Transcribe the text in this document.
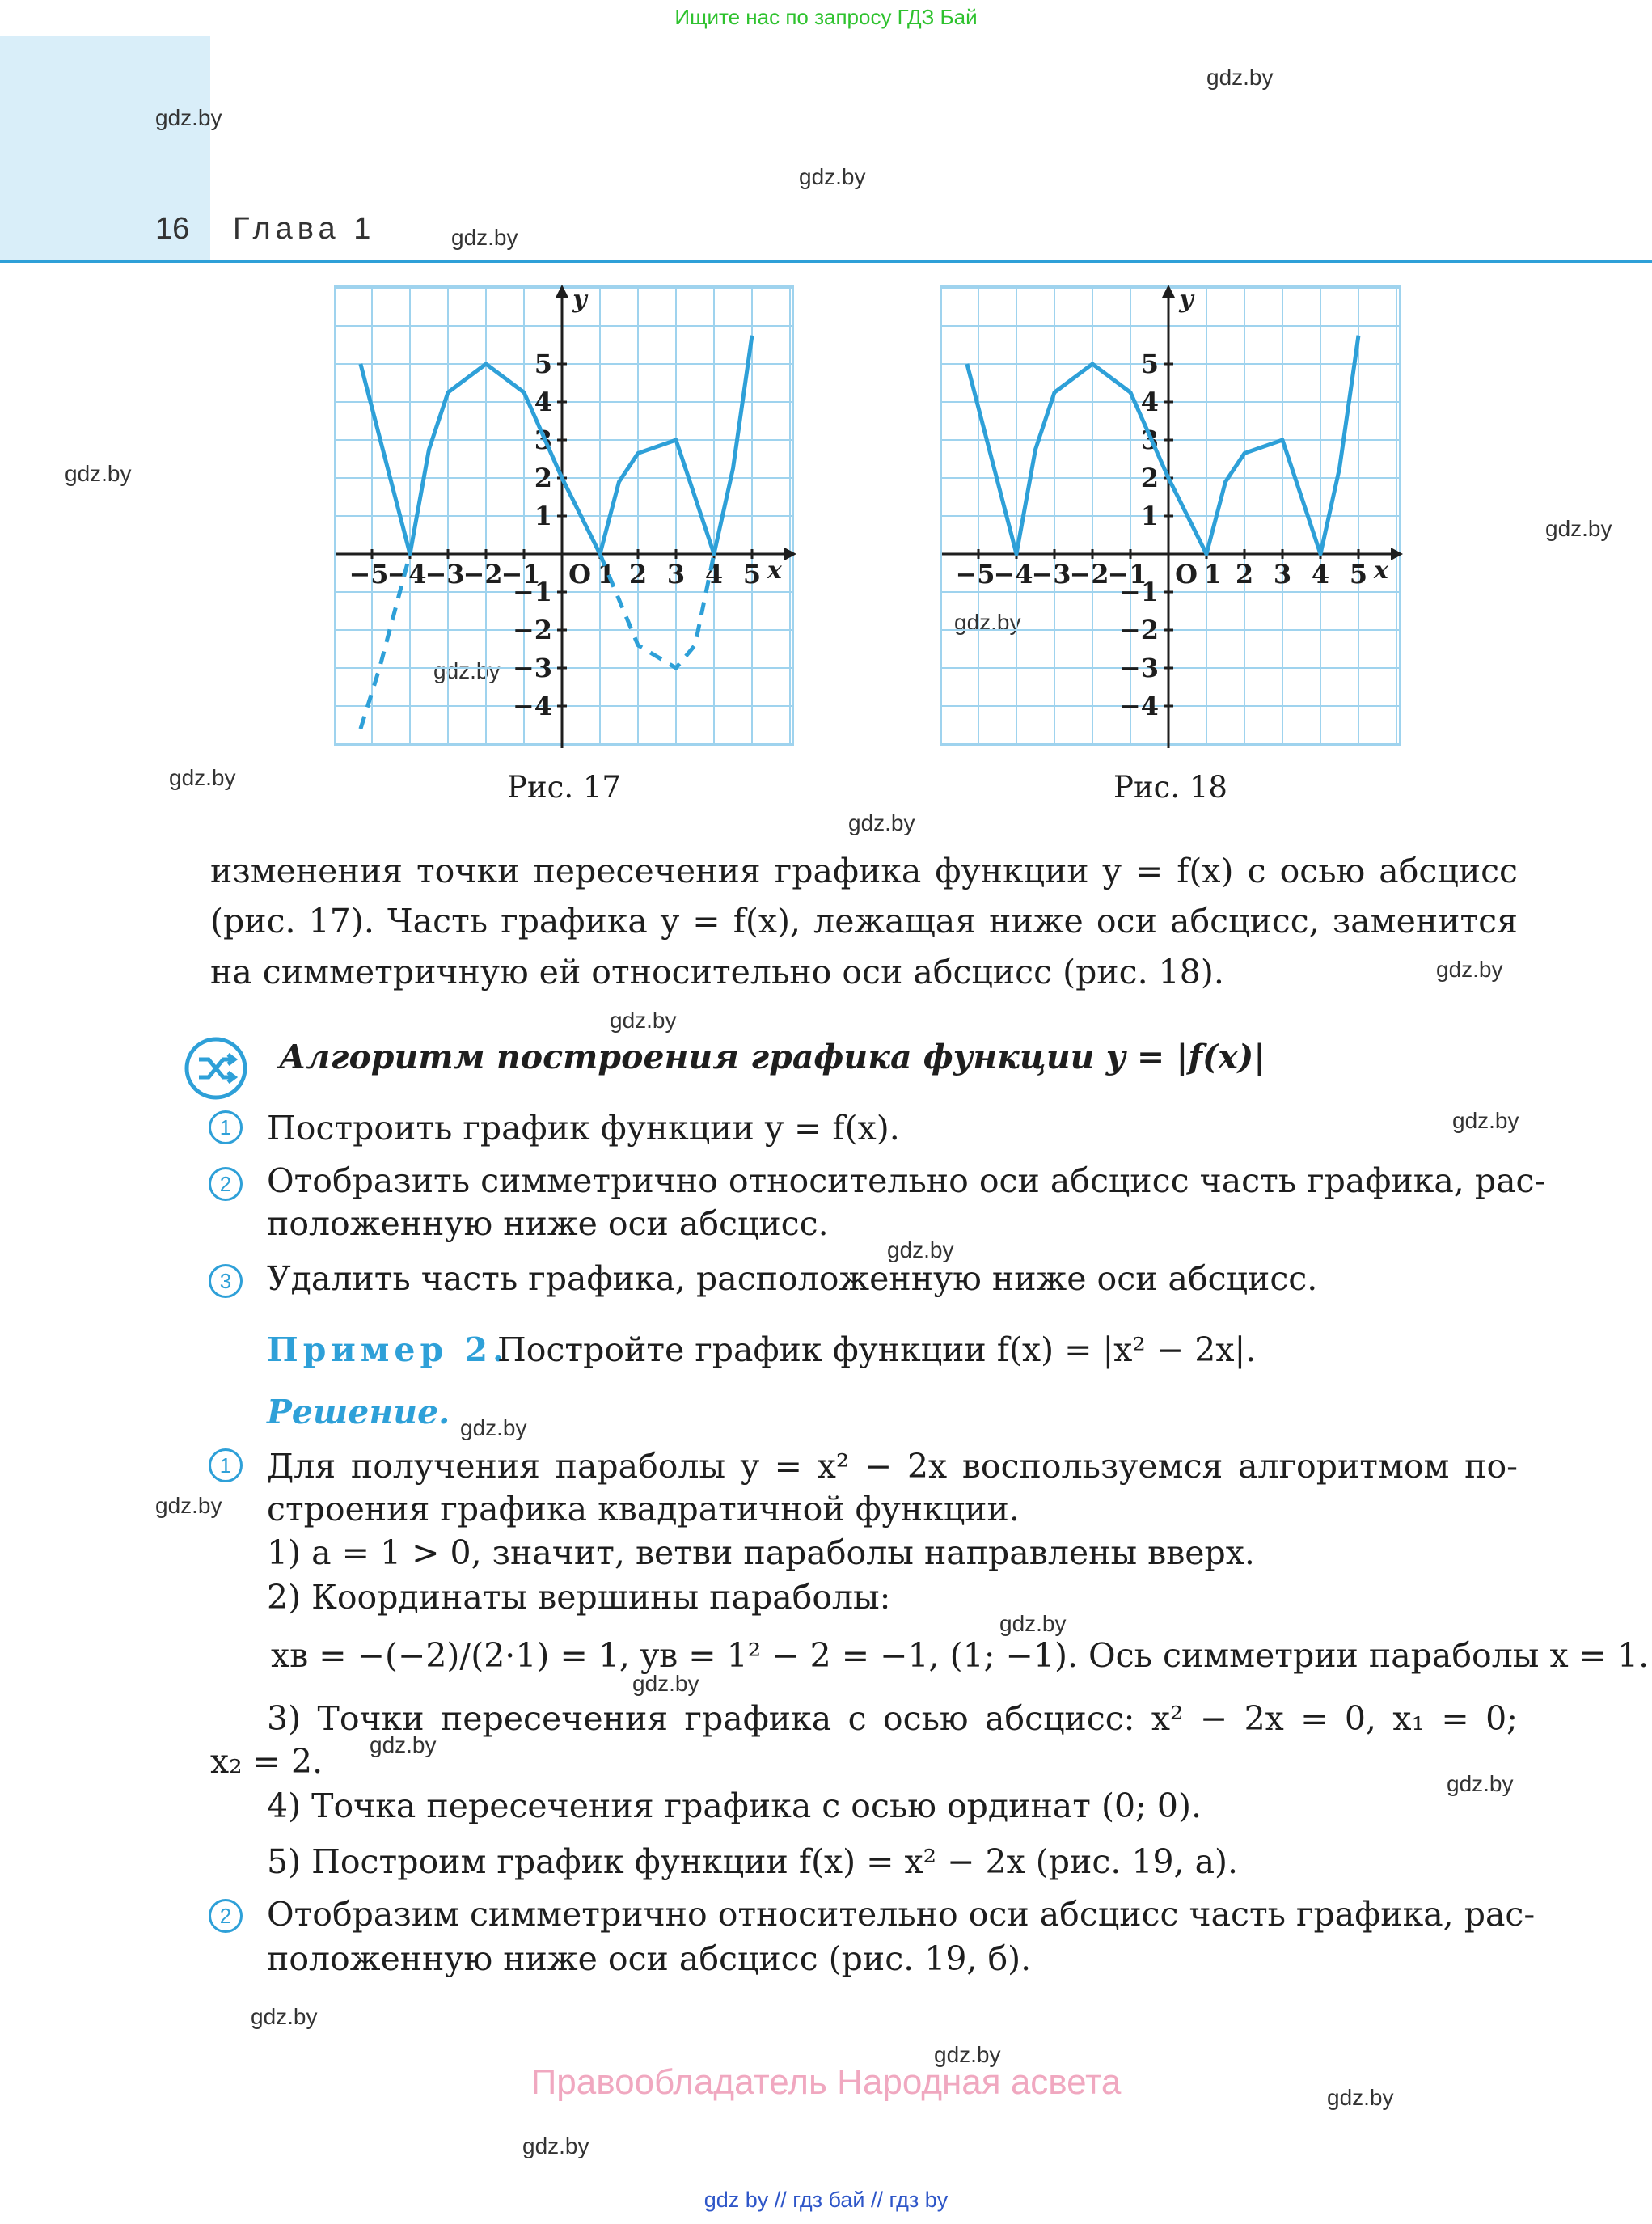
Ищите нас по запросу ГДЗ Бай
16 Глава 1
gdz.by
gdz.by
gdz.by
gdz.by
gdz.by
gdz.by
gdz.by
gdz.by
gdz.by
gdz.by
gdz.by
gdz.by
gdz.by
gdz.by
gdz.by
gdz.by
gdz.by
gdz.by
gdz.by
gdz.by
gdz.by
gdz.by
gdz.by
gdz.by
−5
−4
−3
−2
−1 O 1 2 3 4 5 x
y
1
2
3
4
5
−1
−2
−3
−4
Рис. 17
−5
−4
−3
−2
−1 O 1 2 3 4 5 x
y
1
2
3
4
5
−1
−2
−3
−4
Рис. 18
изменения точки пересечения графика функции y = f(x) с осью абсцисс
(рис. 17). Часть графика y = f(x), лежащая ниже оси абсцисс, заменится
на симметричную ей относительно оси абсцисс (рис. 18).
Алгоритм построения графика функции y = |f(x)|
1	Построить график функции y = f(x).
2	Отобразить симметрично относительно оси абсцисс часть графика, рас-
положенную ниже оси абсцисс.
3	Удалить часть графика, расположенную ниже оси абсцисс.
Пример 2.
Постройте график функции f(x) = |x² − 2x|.
Решение.
1	Для получения параболы y = x² − 2x воспользуемся алгоритмом по-
строения графика квадратичной функции.
1) a = 1 > 0, значит, ветви параболы направлены вверх.
2) Координаты вершины параболы:
xв = −(−2)/(2·1) = 1, yв = 1² − 2 = −1, (1; −1). Ось симметрии параболы x = 1.
3) Точки пересечения графика с осью абсцисс: x² − 2x = 0, x₁ = 0;
x₂ = 2.
4) Точка пересечения графика с осью ординат (0; 0).
5) Построим график функции f(x) = x² − 2x (рис. 19, а).
2	Отобразим симметрично относительно оси абсцисс часть графика, рас-
положенную ниже оси абсцисс (рис. 19, б).
Правообладатель Народная асвета
gdz by // гдз бай // гдз by
